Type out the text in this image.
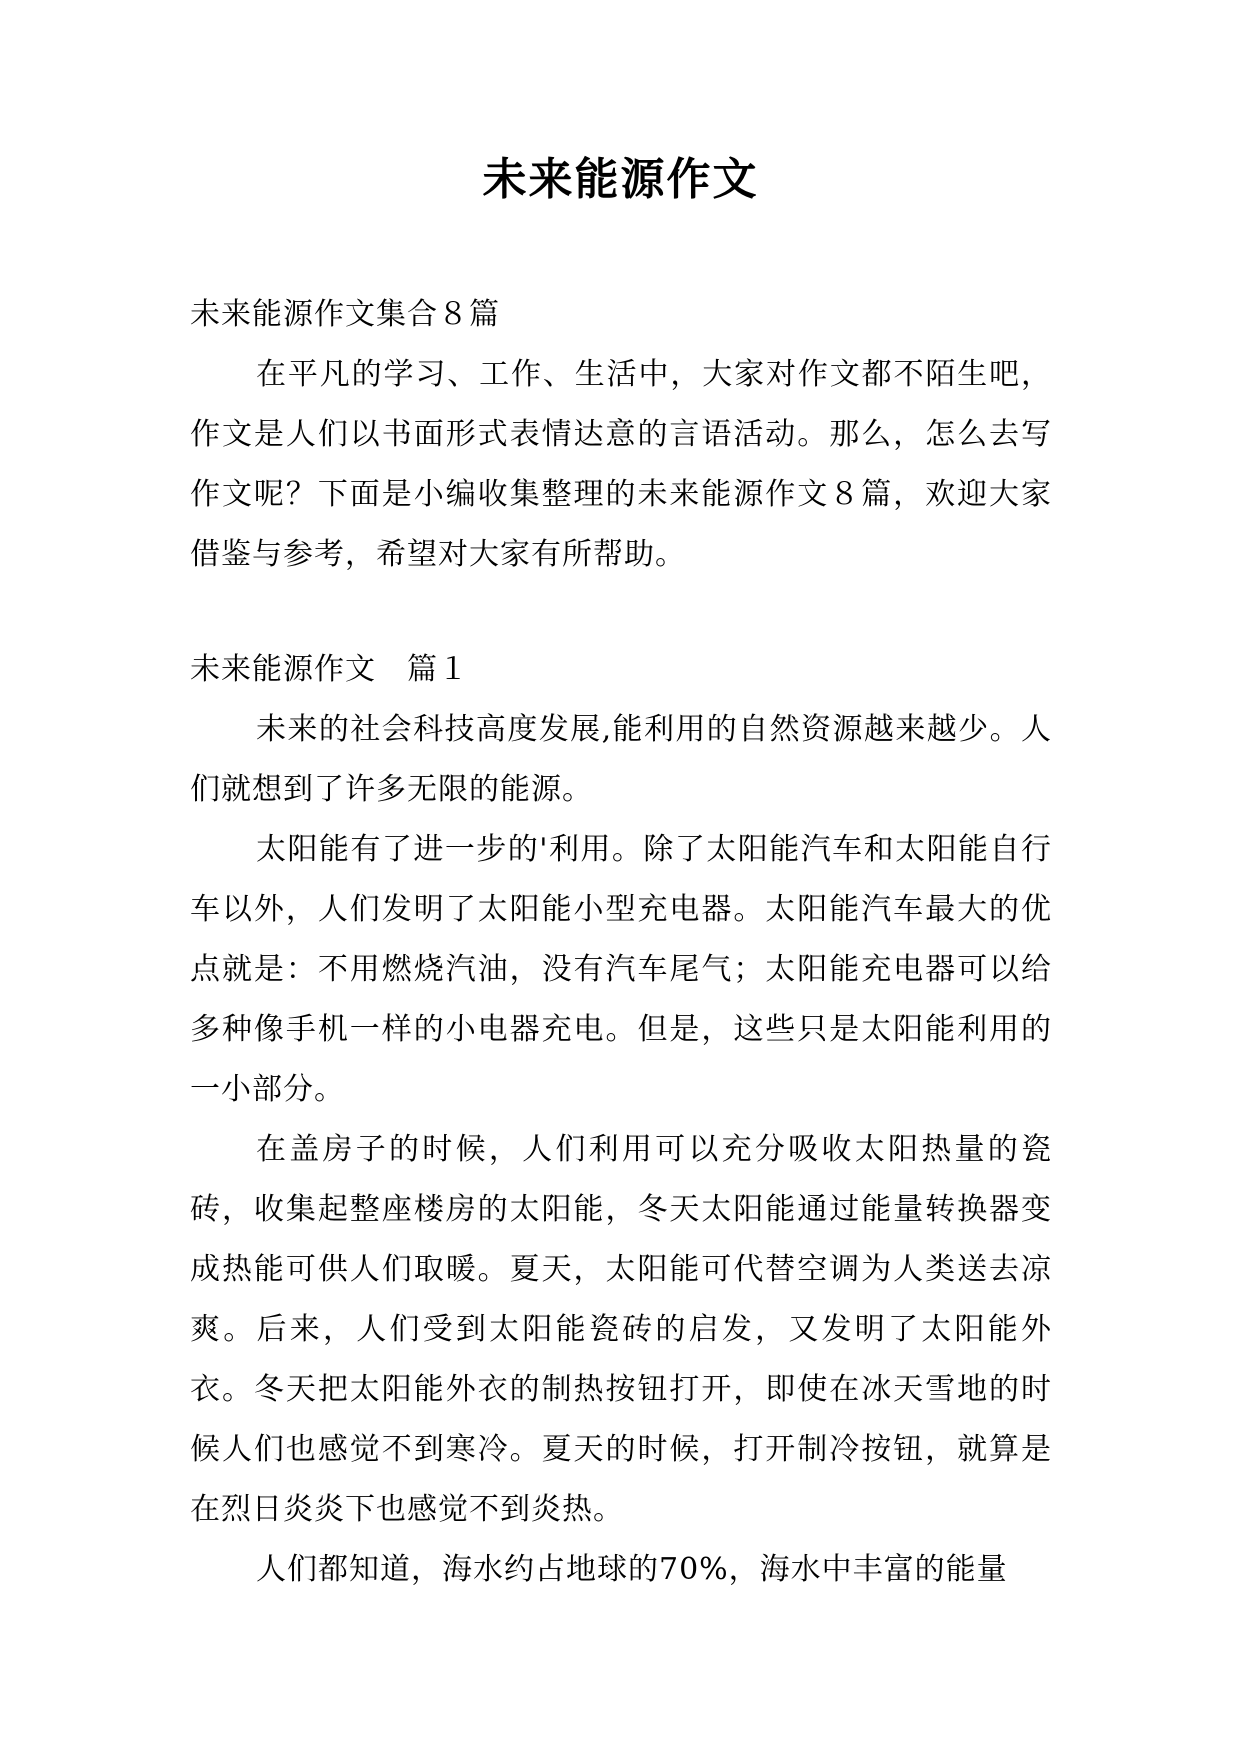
未来能源作文

未来能源作文集合８篇

在平凡的学习、工作、生活中，大家对作文都不陌生吧，作文是人们以书面形式表情达意的言语活动。那么，怎么去写作文呢？下面是小编收集整理的未来能源作文８篇，欢迎大家借鉴与参考，希望对大家有所帮助。

未来能源作文　篇１

未来的社会科技高度发展,能利用的自然资源越来越少。人们就想到了许多无限的能源。

太阳能有了进一步的'利用。除了太阳能汽车和太阳能自行车以外，人们发明了太阳能小型充电器。太阳能汽车最大的优点就是：不用燃烧汽油，没有汽车尾气；太阳能充电器可以给多种像手机一样的小电器充电。但是，这些只是太阳能利用的一小部分。

在盖房子的时候，人们利用可以充分吸收太阳热量的瓷砖，收集起整座楼房的太阳能，冬天太阳能通过能量转换器变成热能可供人们取暖。夏天，太阳能可代替空调为人类送去凉爽。后来，人们受到太阳能瓷砖的启发，又发明了太阳能外衣。冬天把太阳能外衣的制热按钮打开，即使在冰天雪地的时候人们也感觉不到寒冷。夏天的时候，打开制冷按钮，就算是在烈日炎炎下也感觉不到炎热。

人们都知道，海水约占地球的70%，海水中丰富的能量
